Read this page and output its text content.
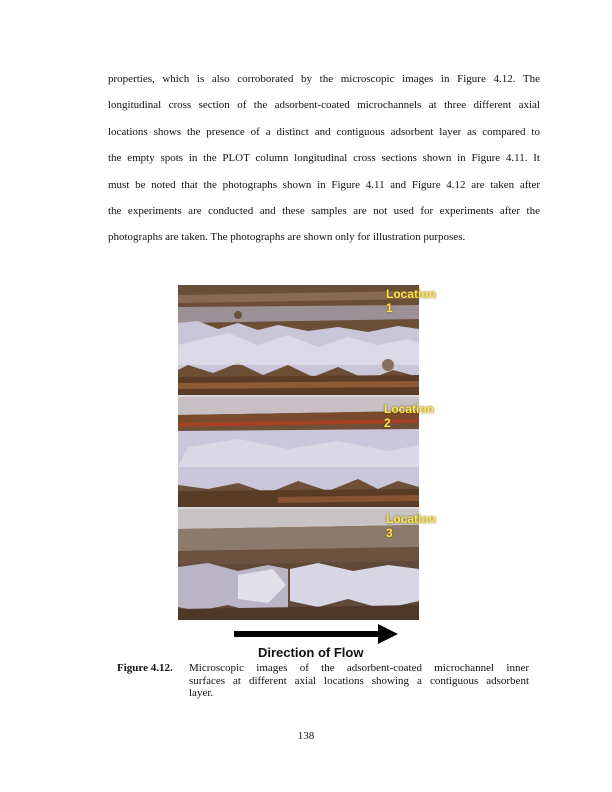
properties, which is also corroborated by the microscopic images in Figure 4.12. The
longitudinal cross section of the adsorbent-coated microchannels at three different axial
locations shows the presence of a distinct and contiguous adsorbent layer as compared to
the empty spots in the PLOT column longitudinal cross sections shown in Figure 4.11. It
must be noted that the photographs shown in Figure 4.11 and Figure 4.12 are taken after
the experiments are conducted and these samples are not used for experiments after the
photographs are taken. The photographs are shown only for illustration purposes.

Location 1
Location 2
Location 3
Direction of Flow
Figure 4.12. Microscopic images of the adsorbent-coated microchannel inner
surfaces at different axial locations showing a contiguous adsorbent
layer.
138
